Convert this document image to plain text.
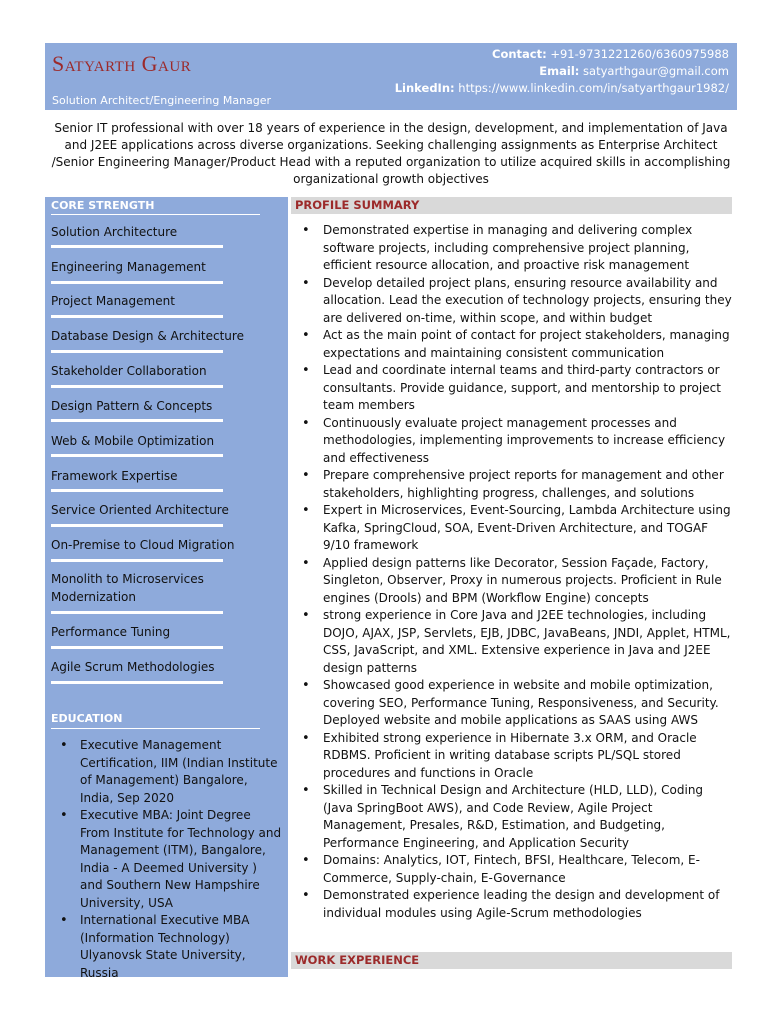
Satyarth Gaur
Solution Architect/Engineering Manager
Contact: +91-9731221260/6360975988
Email: satyarthgaur@gmail.com
LinkedIn: https://www.linkedin.com/in/satyarthgaur1982/
Senior IT professional with over 18 years of experience in the design, development, and implementation of Java and J2EE applications across diverse organizations. Seeking challenging assignments as Enterprise Architect /Senior Engineering Manager/Product Head with a reputed organization to utilize acquired skills in accomplishing organizational growth objectives
CORE STRENGTH
Solution Architecture
Engineering Management
Project Management
Database Design & Architecture
Stakeholder Collaboration
Design Pattern & Concepts
Web & Mobile Optimization
Framework Expertise
Service Oriented Architecture
On-Premise to Cloud Migration
Monolith to Microservices Modernization
Performance Tuning
Agile Scrum Methodologies
EDUCATION
• Executive Management Certification, IIM (Indian Institute of Management) Bangalore, India, Sep 2020
• Executive MBA: Joint Degree From Institute for Technology and Management (ITM), Bangalore, India - A Deemed University ) and Southern New Hampshire University, USA
• International Executive MBA (Information Technology) Ulyanovsk State University, Russia
PROFILE SUMMARY
• Demonstrated expertise in managing and delivering complex software projects, including comprehensive project planning, efficient resource allocation, and proactive risk management
• Develop detailed project plans, ensuring resource availability and allocation. Lead the execution of technology projects, ensuring they are delivered on-time, within scope, and within budget
• Act as the main point of contact for project stakeholders, managing expectations and maintaining consistent communication
• Lead and coordinate internal teams and third-party contractors or consultants. Provide guidance, support, and mentorship to project team members
• Continuously evaluate project management processes and methodologies, implementing improvements to increase efficiency and effectiveness
• Prepare comprehensive project reports for management and other stakeholders, highlighting progress, challenges, and solutions
• Expert in Microservices, Event-Sourcing, Lambda Architecture using Kafka, SpringCloud, SOA, Event-Driven Architecture, and TOGAF 9/10 framework
• Applied design patterns like Decorator, Session Façade, Factory, Singleton, Observer, Proxy in numerous projects. Proficient in Rule engines (Drools) and BPM (Workflow Engine) concepts
• strong experience in Core Java and J2EE technologies, including DOJO, AJAX, JSP, Servlets, EJB, JDBC, JavaBeans, JNDI, Applet, HTML, CSS, JavaScript, and XML. Extensive experience in Java and J2EE design patterns
• Showcased good experience in website and mobile optimization, covering SEO, Performance Tuning, Responsiveness, and Security. Deployed website and mobile applications as SAAS using AWS
• Exhibited strong experience in Hibernate 3.x ORM, and Oracle RDBMS. Proficient in writing database scripts PL/SQL stored procedures and functions in Oracle
• Skilled in Technical Design and Architecture (HLD, LLD), Coding (Java SpringBoot AWS), and Code Review, Agile Project Management, Presales, R&D, Estimation, and Budgeting, Performance Engineering, and Application Security
• Domains: Analytics, IOT, Fintech, BFSI, Healthcare, Telecom, E-Commerce, Supply-chain, E-Governance
• Demonstrated experience leading the design and development of individual modules using Agile-Scrum methodologies
WORK EXPERIENCE
